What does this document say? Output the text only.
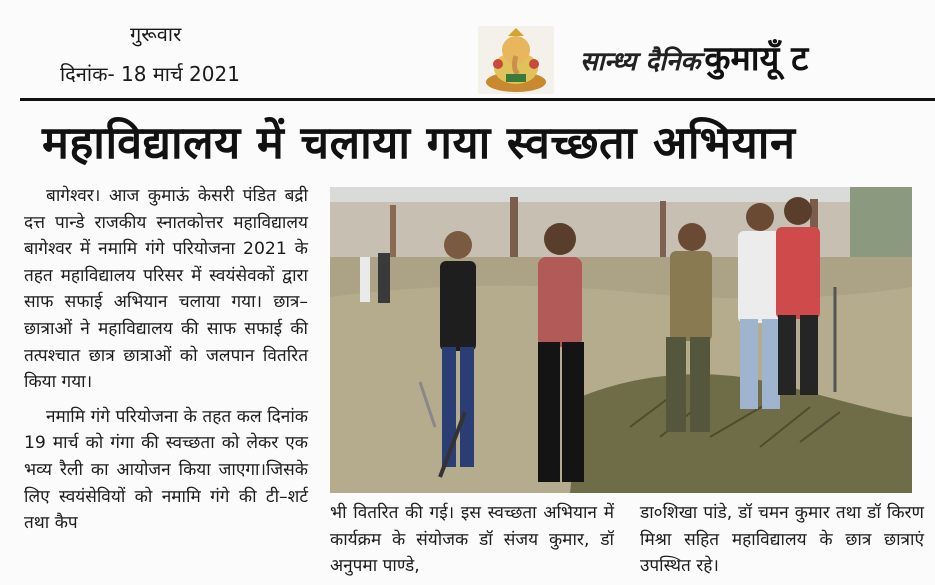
गुरूवार
दिनांक- 18 मार्च 2021	सान्ध्य दैनिक कुमायूँ ट
महाविद्यालय में चलाया गया स्वच्छता अभियान

बागेश्वर। आज कुमाऊं केसरी पंडित बद्री दत्त पान्डे राजकीय स्नातकोत्तर महाविद्यालय बागेश्वर में नमामि गंगे परियोजना 2021 के तहत महाविद्यालय परिसर में स्वयंसेवकों द्वारा साफ सफाई अभियान चलाया गया। छात्र–छात्राओं ने महाविद्यालय की साफ सफाई की तत्पश्चात छात्र छात्राओं को जलपान वितरित किया गया।

नमामि गंगे परियोजना के तहत कल दिनांक 19 मार्च को गंगा की स्वच्छता को लेकर एक भव्य रैली का आयोजन किया जाएगा।जिसके लिए स्वयंसेवियों को नमामि गंगे की टी–शर्ट तथा कैप

भी वितरित की गई। इस स्वच्छता अभियान में कार्यक्रम के संयोजक डॉ संजय कुमार, डॉ अनुपमा पाण्डे,

डा०शिखा पांडे, डॉ चमन कुमार तथा डॉ किरण मिश्रा सहित महाविद्यालय के छात्र छात्राएं उपस्थित रहे।
